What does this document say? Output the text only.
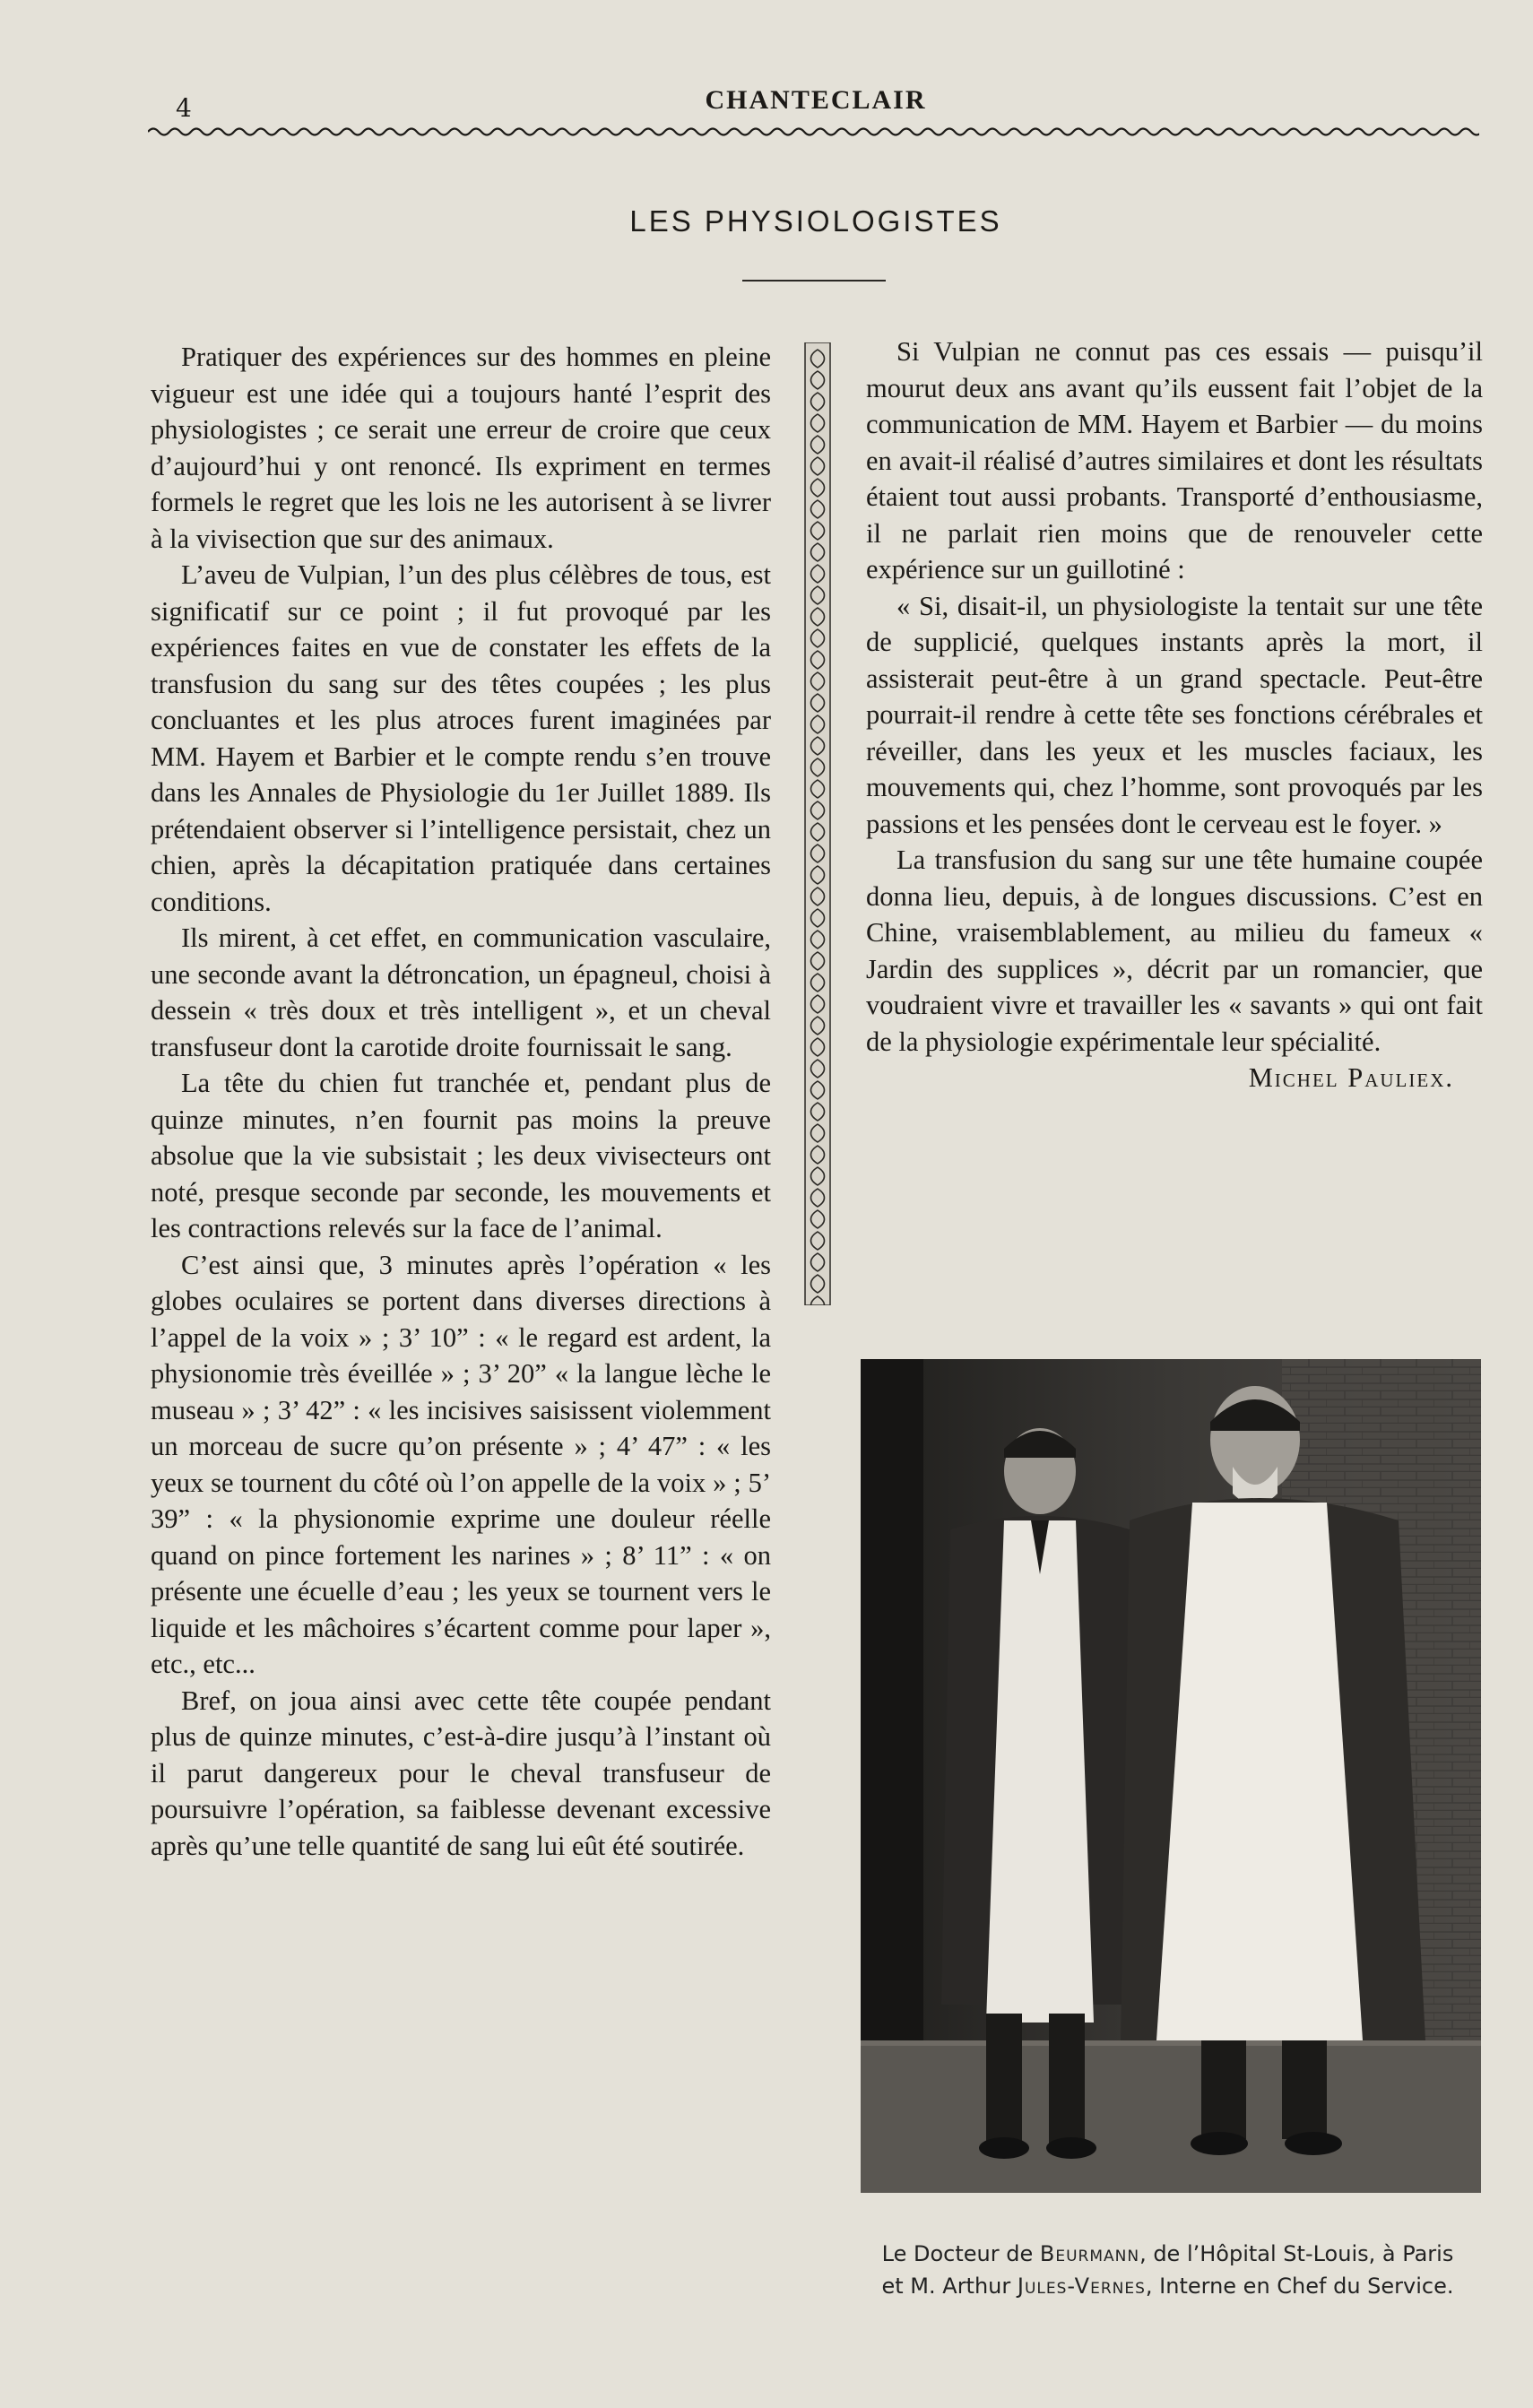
4	CHANTECLAIR
LES PHYSIOLOGISTES

Pratiquer des expériences sur des hommes en pleine vigueur est une idée qui a toujours hanté l’esprit des physiologistes ; ce serait une erreur de croire que ceux d’aujourd’hui y ont renoncé. Ils expriment en termes formels le regret que les lois ne les autorisent à se livrer à la vivisection que sur des animaux.

L’aveu de Vulpian, l’un des plus célèbres de tous, est significatif sur ce point ; il fut provoqué par les expériences faites en vue de constater les effets de la transfusion du sang sur des têtes coupées ; les plus concluantes et les plus atroces furent imaginées par MM. Hayem et Barbier et le compte rendu s’en trouve dans les Annales de Physiologie du 1er Juillet 1889. Ils prétendaient observer si l’intelligence persistait, chez un chien, après la décapitation pratiquée dans certaines conditions.

Ils mirent, à cet effet, en communication vasculaire, une seconde avant la détroncation, un épagneul, choisi à dessein « très doux et très intelligent », et un cheval transfuseur dont la carotide droite fournissait le sang.

La tête du chien fut tranchée et, pendant plus de quinze minutes, n’en fournit pas moins la preuve absolue que la vie subsistait ; les deux vivisecteurs ont noté, presque seconde par seconde, les mouvements et les contractions relevés sur la face de l’animal.

C’est ainsi que, 3 minutes après l’opération « les globes oculaires se portent dans diverses directions à l’appel de la voix » ; 3’ 10” : « le regard est ardent, la physionomie très éveillée » ; 3’ 20” « la langue lèche le museau » ; 3’ 42” : « les incisives saisissent violemment un morceau de sucre qu’on présente » ; 4’ 47” : « les yeux se tournent du côté où l’on appelle de la voix » ; 5’ 39” : « la physionomie exprime une douleur réelle quand on pince fortement les narines » ; 8’ 11” : « on présente une écuelle d’eau ; les yeux se tournent vers le liquide et les mâchoires s’écartent comme pour laper », etc., etc...

Bref, on joua ainsi avec cette tête coupée pendant plus de quinze minutes, c’est-à-dire jusqu’à l’instant où il parut dangereux pour le cheval transfuseur de poursuivre l’opération, sa faiblesse devenant excessive après qu’une telle quantité de sang lui eût été soutirée.

Si Vulpian ne connut pas ces essais — puisqu’il mourut deux ans avant qu’ils eussent fait l’objet de la communication de MM. Hayem et Barbier — du moins en avait-il réalisé d’autres similaires et dont les résultats étaient tout aussi probants. Transporté d’enthousiasme, il ne parlait rien moins que de renouveler cette expérience sur un guillotiné :

« Si, disait-il, un physiologiste la tentait sur une tête de supplicié, quelques instants après la mort, il assisterait peut-être à un grand spectacle. Peut-être pourrait-il rendre à cette tête ses fonctions cérébrales et réveiller, dans les yeux et les muscles faciaux, les mouvements qui, chez l’homme, sont provoqués par les passions et les pensées dont le cerveau est le foyer. »

La transfusion du sang sur une tête humaine coupée donna lieu, depuis, à de longues discussions. C’est en Chine, vraisemblablement, au milieu du fameux « Jardin des supplices », décrit par un romancier, que voudraient vivre et travailler les « savants » qui ont fait de la physiologie expérimentale leur spécialité.

Michel Pauliex.

Le Docteur de Beurmann, de l’Hôpital St-Louis, à Paris
et M. Arthur Jules-Vernes, Interne en Chef du Service.
